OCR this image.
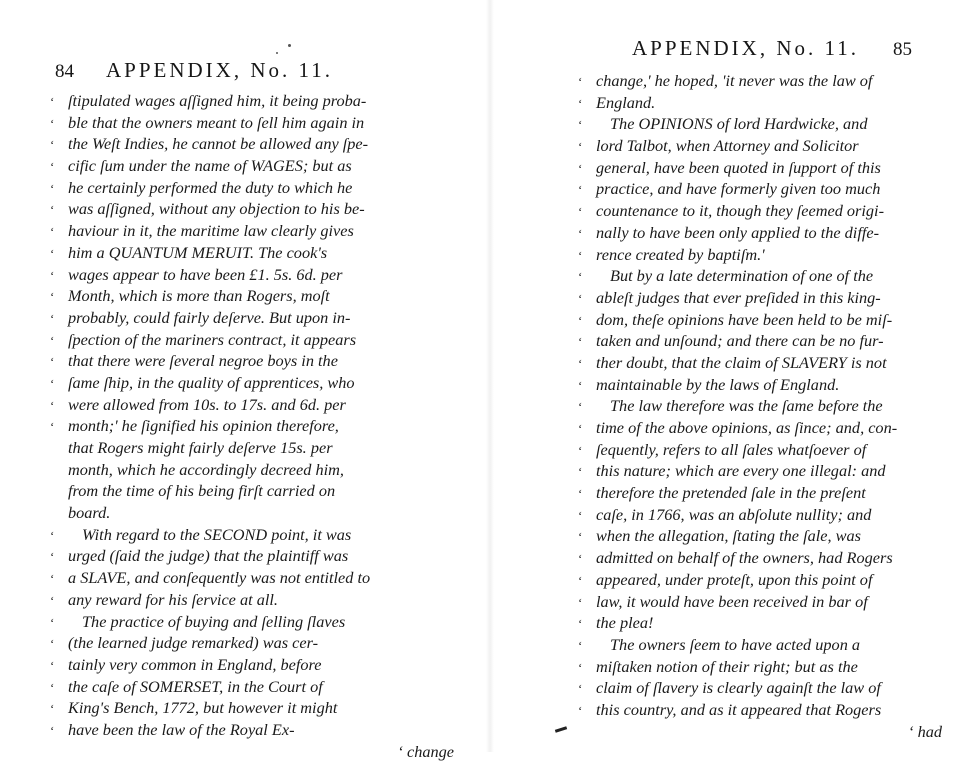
84 APPENDIX, No. 11.
‘ ſtipulated wages aſſigned him, it being proba-
‘ ble that the owners meant to ſell him again in
‘ the Weſt Indies, he cannot be allowed any ſpe-
‘ cific ſum under the name of WAGES; but as
‘ he certainly performed the duty to which he
‘ was aſſigned, without any objection to his be-
‘ haviour in it, the maritime law clearly gives
‘ him a QUANTUM MERUIT. The cook's
‘ wages appear to have been £1. 5s. 6d. per
‘ Month, which is more than Rogers, moſt
‘ probably, could fairly deſerve. But upon in-
‘ ſpection of the mariners contract, it appears
‘ that there were ſeveral negroe boys in the
‘ ſame ſhip, in the quality of apprentices, who
‘ were allowed from 10s. to 17s. and 6d. per
‘ month;' he ſignified his opinion therefore,
that Rogers might fairly deſerve 15s. per
month, which he accordingly decreed him,
from the time of his being firſt carried on
board.
‘ With regard to the SECOND point, it was
‘ urged (ſaid the judge) that the plaintiff was
‘ a SLAVE, and conſequently was not entitled to
‘ any reward for his ſervice at all.
‘ The practice of buying and ſelling ſlaves
‘ (the learned judge remarked) was cer-
‘ tainly very common in England, before
‘ the caſe of SOMERSET, in the Court of
‘ King's Bench, 1772, but however it might
‘ have been the law of the Royal Ex-
‘ change
APPENDIX, No. 11. 85
‘ change,' he hoped, 'it never was the law of
‘ England.
‘ The OPINIONS of lord Hardwicke, and
‘ lord Talbot, when Attorney and Solicitor
‘ general, have been quoted in ſupport of this
‘ practice, and have formerly given too much
‘ countenance to it, though they ſeemed origi-
‘ nally to have been only applied to the diffe-
‘ rence created by baptiſm.'
‘ But by a late determination of one of the
‘ ableſt judges that ever preſided in this king-
‘ dom, theſe opinions have been held to be miſ-
‘ taken and unſound; and there can be no fur-
‘ ther doubt, that the claim of SLAVERY is not
‘ maintainable by the laws of England.
‘ The law therefore was the ſame before the
‘ time of the above opinions, as ſince; and, con-
‘ ſequently, refers to all ſales whatſoever of
‘ this nature; which are every one illegal: and
‘ therefore the pretended ſale in the preſent
‘ caſe, in 1766, was an abſolute nullity; and
‘ when the allegation, ſtating the ſale, was
‘ admitted on behalf of the owners, had Rogers
‘ appeared, under proteſt, upon this point of
‘ law, it would have been received in bar of
‘ the plea!
‘ The owners ſeem to have acted upon a
‘ miſtaken notion of their right; but as the
‘ claim of ſlavery is clearly againſt the law of
‘ this country, and as it appeared that Rogers
‘ had
